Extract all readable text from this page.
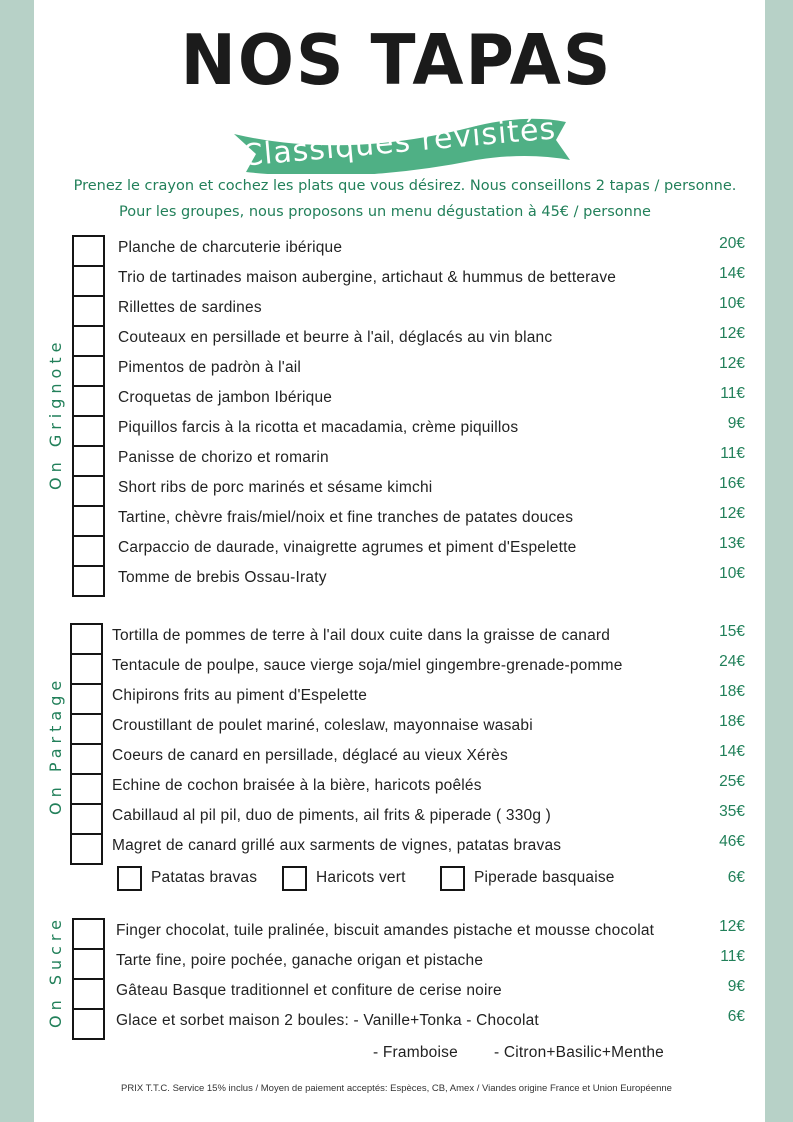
NOS TAPAS
Classiques revisités
Prenez le crayon et cochez les plats que vous désirez. Nous conseillons 2 tapas / personne.
Pour les groupes, nous proposons un menu dégustation à 45€ / personne
On Grignote
Planche de charcuterie ibérique	20€
Trio de tartinades maison aubergine, artichaut & hummus de betterave	14€
Rillettes de sardines	10€
Couteaux en persillade et beurre à l'ail, déglacés au vin blanc	12€
Pimentos de padròn à l'ail	12€
Croquetas de jambon Ibérique	11€
Piquillos farcis à la ricotta et macadamia, crème piquillos	9€
Panisse de chorizo et romarin	11€
Short ribs de porc marinés et sésame kimchi	16€
Tartine, chèvre frais/miel/noix et fine tranches de patates douces	12€
Carpaccio de daurade, vinaigrette agrumes et piment d'Espelette	13€
Tomme de brebis Ossau-Iraty	10€
On Partage
Tortilla de pommes de terre à l'ail doux cuite dans la graisse de canard	15€
Tentacule de poulpe, sauce vierge soja/miel gingembre-grenade-pomme	24€
Chipirons frits au piment d'Espelette	18€
Croustillant de poulet mariné, coleslaw, mayonnaise wasabi	18€
Coeurs de canard en persillade, déglacé au vieux Xérès	14€
Echine de cochon braisée à la bière, haricots poêlés	25€
Cabillaud al pil pil, duo de piments, ail frits & piperade ( 330g )	35€
Magret de canard grillé aux sarments de vignes, patatas bravas	46€
Patatas bravas	Haricots vert	Piperade basquaise	6€
On Sucre	Finger chocolat, tuile pralinée, biscuit amandes pistache et mousse chocolat	12€
Tarte fine, poire pochée, ganache origan et pistache	11€
Gâteau Basque traditionnel et confiture de cerise noire	9€
Glace et sorbet maison 2 boules: - Vanille+Tonka - Chocolat	6€
- Framboise - Citron+Basilic+Menthe
PRIX T.T.C. Service 15% inclus / Moyen de paiement acceptés: Espèces, CB, Amex / Viandes origine France et Union Européenne
